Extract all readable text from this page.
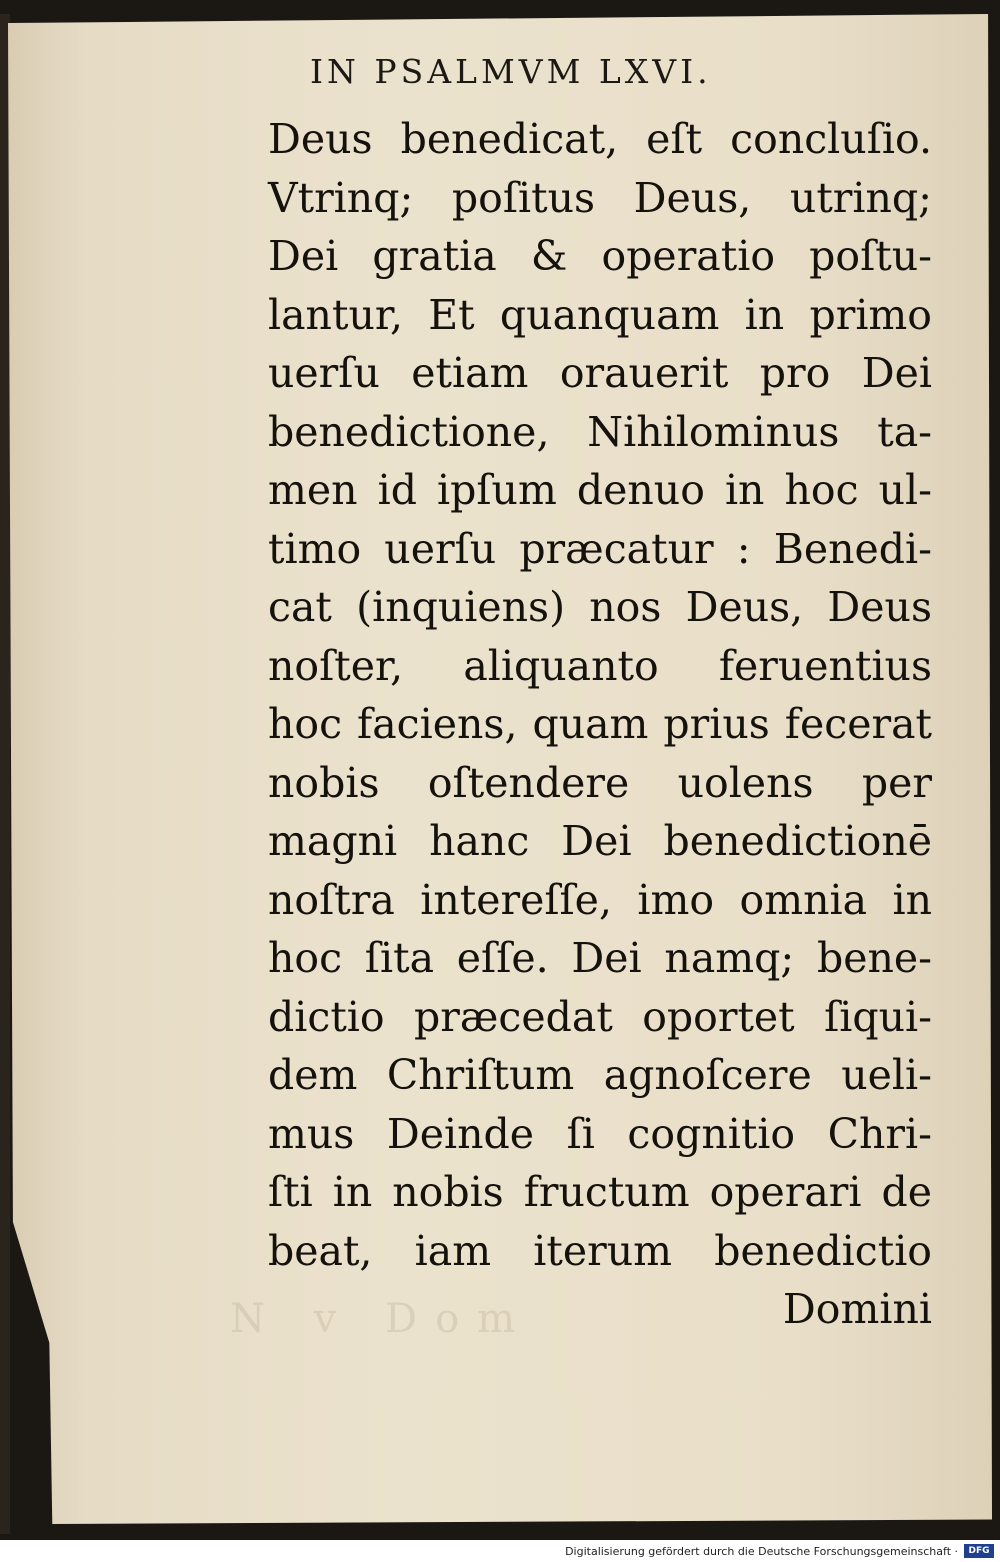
N v Dom
IN PSALMVM LXVI.
Deus benedicat, eſt concluſio.
Vtrinq; poſitus Deus, utrinq;
Dei gratia & operatio poſtu-
lantur, Et quanquam in primo
uerſu etiam orauerit pro Dei
benedictione, Nihilominus ta-
men id ipſum denuo in hoc ul-
timo uerſu præcatur : Benedi-
cat (inquiens) nos Deus, Deus
noſter, aliquanto feruentius
hoc faciens, quam prius fecerat
nobis oſtendere uolens per
magni hanc Dei benedictionē
noſtra intereſſe, imo omnia in
hoc ſita eſſe. Dei namq; bene-
dictio præcedat oportet ſiqui-
dem Chriſtum agnoſcere ueli-
mus Deinde ſi cognitio Chri-
ſti in nobis fructum operari de
beat, iam iterum benedictio
Domini
Digitalisierung gefördert durch die Deutsche Forschungsgemeinschaft ·	DFG
